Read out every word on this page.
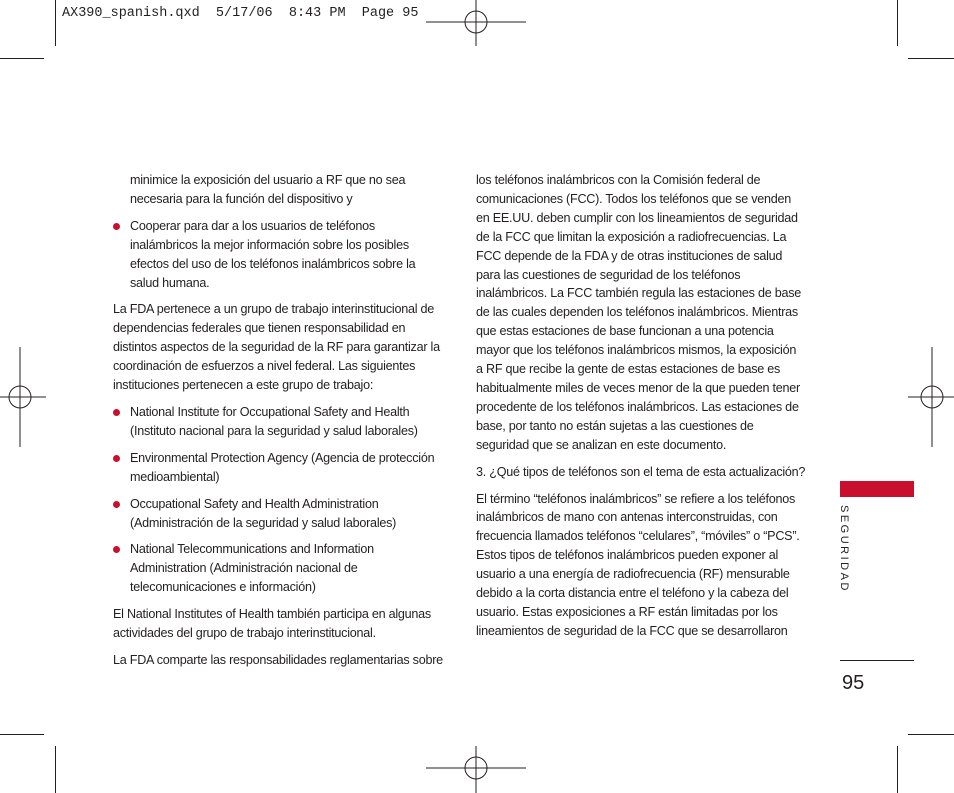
AX390_spanish.qxd  5/17/06  8:43 PM  Page 95

minimice la exposición del usuario a RF que no sea necesaria para la función del dispositivo y

Cooperar para dar a los usuarios de teléfonos inalámbricos la mejor información sobre los posibles efectos del uso de los teléfonos inalámbricos sobre la salud humana.

La FDA pertenece a un grupo de trabajo interinstitucional de dependencias federales que tienen responsabilidad en distintos aspectos de la seguridad de la RF para garantizar la coordinación de esfuerzos a nivel federal. Las siguientes instituciones pertenecen a este grupo de trabajo:

National Institute for Occupational Safety and Health (Instituto nacional para la seguridad y salud laborales)
Environmental Protection Agency (Agencia de protección medioambiental)
Occupational Safety and Health Administration (Administración de la seguridad y salud laborales)
National Telecommunications and Information Administration (Administración nacional de telecomunicaciones e información)

El National Institutes of Health también participa en algunas actividades del grupo de trabajo interinstitucional.

La FDA comparte las responsabilidades reglamentarias sobre

los teléfonos inalámbricos con la Comisión federal de comunicaciones (FCC). Todos los teléfonos que se venden en EE.UU. deben cumplir con los lineamientos de seguridad de la FCC que limitan la exposición a radiofrecuencias. La FCC depende de la FDA y de otras instituciones de salud para las cuestiones de seguridad de los teléfonos inalámbricos. La FCC también regula las estaciones de base de las cuales dependen los teléfonos inalámbricos. Mientras que estas estaciones de base funcionan a una potencia mayor que los teléfonos inalámbricos mismos, la exposición a RF que recibe la gente de estas estaciones de base es habitualmente miles de veces menor de la que pueden tener procedente de los teléfonos inalámbricos. Las estaciones de base, por tanto no están sujetas a las cuestiones de seguridad que se analizan en este documento.

3. ¿Qué tipos de teléfonos son el tema de esta actualización?

El término “teléfonos inalámbricos” se refiere a los teléfonos inalámbricos de mano con antenas interconstruidas, con frecuencia llamados teléfonos “celulares”, “móviles” o “PCS”. Estos tipos de teléfonos inalámbricos pueden exponer al usuario a una energía de radiofrecuencia (RF) mensurable debido a la corta distancia entre el teléfono y la cabeza del usuario. Estas exposiciones a RF están limitadas por los lineamientos de seguridad de la FCC que se desarrollaron

SEGURIDAD
95
